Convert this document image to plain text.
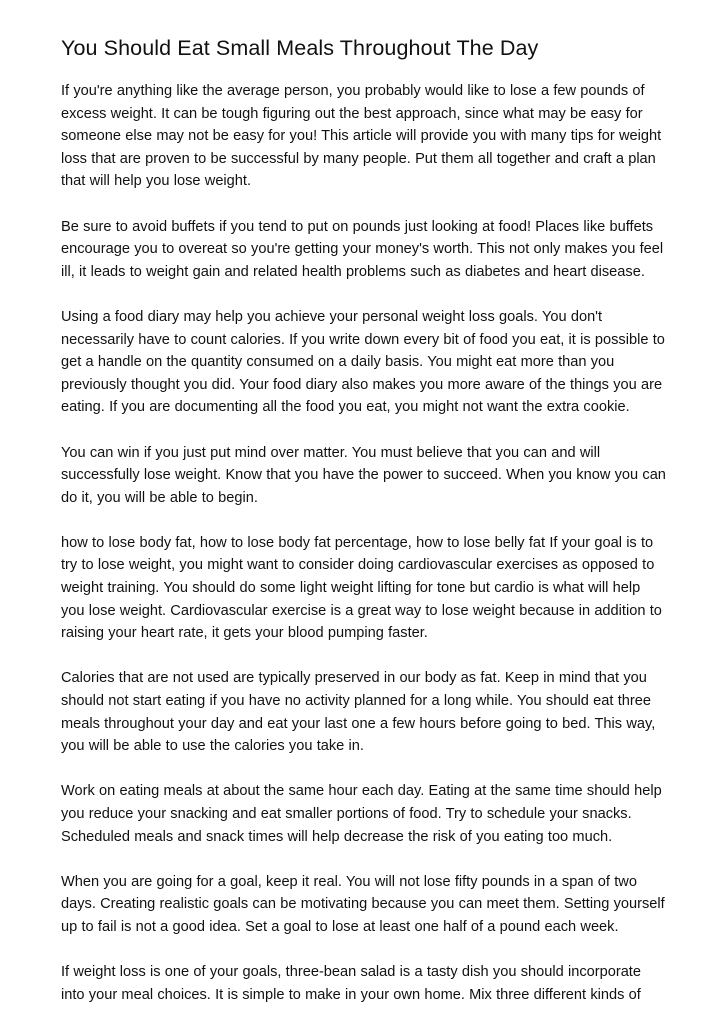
You Should Eat Small Meals Throughout The Day

If you're anything like the average person, you probably would like to lose a few pounds of
excess weight. It can be tough figuring out the best approach, since what may be easy for
someone else may not be easy for you! This article will provide you with many tips for weight
loss that are proven to be successful by many people. Put them all together and craft a plan
that will help you lose weight.

Be sure to avoid buffets if you tend to put on pounds just looking at food! Places like buffets
encourage you to overeat so you're getting your money's worth. This not only makes you feel
ill, it leads to weight gain and related health problems such as diabetes and heart disease.

Using a food diary may help you achieve your personal weight loss goals. You don't
necessarily have to count calories. If you write down every bit of food you eat, it is possible to
get a handle on the quantity consumed on a daily basis. You might eat more than you
previously thought you did. Your food diary also makes you more aware of the things you are
eating. If you are documenting all the food you eat, you might not want the extra cookie.

You can win if you just put mind over matter. You must believe that you can and will
successfully lose weight. Know that you have the power to succeed. When you know you can
do it, you will be able to begin.

how to lose body fat, how to lose body fat percentage, how to lose belly fat If your goal is to
try to lose weight, you might want to consider doing cardiovascular exercises as opposed to
weight training. You should do some light weight lifting for tone but cardio is what will help
you lose weight. Cardiovascular exercise is a great way to lose weight because in addition to
raising your heart rate, it gets your blood pumping faster.

Calories that are not used are typically preserved in our body as fat. Keep in mind that you
should not start eating if you have no activity planned for a long while. You should eat three
meals throughout your day and eat your last one a few hours before going to bed. This way,
you will be able to use the calories you take in.

Work on eating meals at about the same hour each day. Eating at the same time should help
you reduce your snacking and eat smaller portions of food. Try to schedule your snacks.
Scheduled meals and snack times will help decrease the risk of you eating too much.

When you are going for a goal, keep it real. You will not lose fifty pounds in a span of two
days. Creating realistic goals can be motivating because you can meet them. Setting yourself
up to fail is not a good idea. Set a goal to lose at least one half of a pound each week.

If weight loss is one of your goals, three-bean salad is a tasty dish you should incorporate
into your meal choices. It is simple to make in your own home. Mix three different kinds of
